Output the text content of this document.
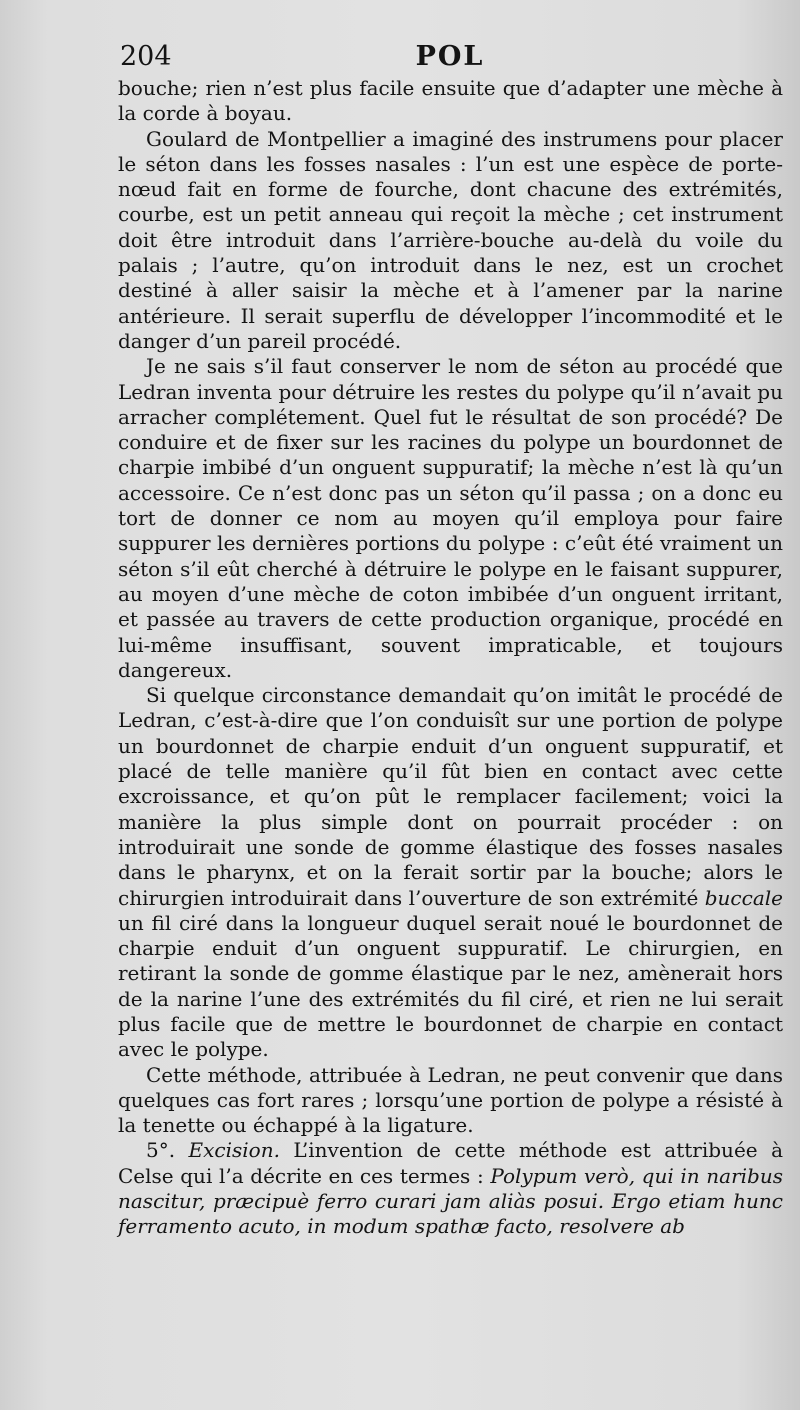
204	POL

bouche; rien n’est plus facile ensuite que d’adapter une mèche à la corde à boyau.

Goulard de Montpellier a imaginé des instrumens pour placer le séton dans les fosses nasales : l’un est une espèce de porte-nœud fait en forme de fourche, dont chacune des extrémités, courbe, est un petit anneau qui reçoit la mèche ; cet instrument doit être introduit dans l’arrière-bouche au-delà du voile du palais ; l’autre, qu’on introduit dans le nez, est un crochet destiné à aller saisir la mèche et à l’amener par la narine antérieure. Il serait superflu de développer l’incommodité et le danger d’un pareil procédé.

Je ne sais s’il faut conserver le nom de séton au procédé que Ledran inventa pour détruire les restes du polype qu’il n’avait pu arracher complétement. Quel fut le résultat de son procédé? De conduire et de fixer sur les racines du polype un bourdonnet de charpie imbibé d’un onguent suppuratif; la mèche n’est là qu’un accessoire. Ce n’est donc pas un séton qu’il passa ; on a donc eu tort de donner ce nom au moyen qu’il employa pour faire suppurer les dernières portions du polype : c’eût été vraiment un séton s’il eût cherché à détruire le polype en le faisant suppurer, au moyen d’une mèche de coton imbibée d’un onguent irritant, et passée au travers de cette production organique, procédé en lui-même insuffisant, souvent impraticable, et toujours dangereux.

Si quelque circonstance demandait qu’on imitât le procédé de Ledran, c’est-à-dire que l’on conduisît sur une portion de polype un bourdonnet de charpie enduit d’un onguent suppuratif, et placé de telle manière qu’il fût bien en contact avec cette excroissance, et qu’on pût le remplacer facilement; voici la manière la plus simple dont on pourrait procéder : on introduirait une sonde de gomme élastique des fosses nasales dans le pharynx, et on la ferait sortir par la bouche; alors le chirurgien introduirait dans l’ouverture de son extrémité buccale un fil ciré dans la longueur duquel serait noué le bourdonnet de charpie enduit d’un onguent suppuratif. Le chirurgien, en retirant la sonde de gomme élastique par le nez, amènerait hors de la narine l’une des extrémités du fil ciré, et rien ne lui serait plus facile que de mettre le bourdonnet de charpie en contact avec le polype.

Cette méthode, attribuée à Ledran, ne peut convenir que dans quelques cas fort rares ; lorsqu’une portion de polype a résisté à la tenette ou échappé à la ligature.

5°. Excision. L’invention de cette méthode est attribuée à Celse qui l’a décrite en ces termes : Polypum verò, qui in naribus nascitur, præcipuè ferro curari jam aliàs posui. Ergo etiam hunc ferramento acuto, in modum spathæ facto, resolvere ab
